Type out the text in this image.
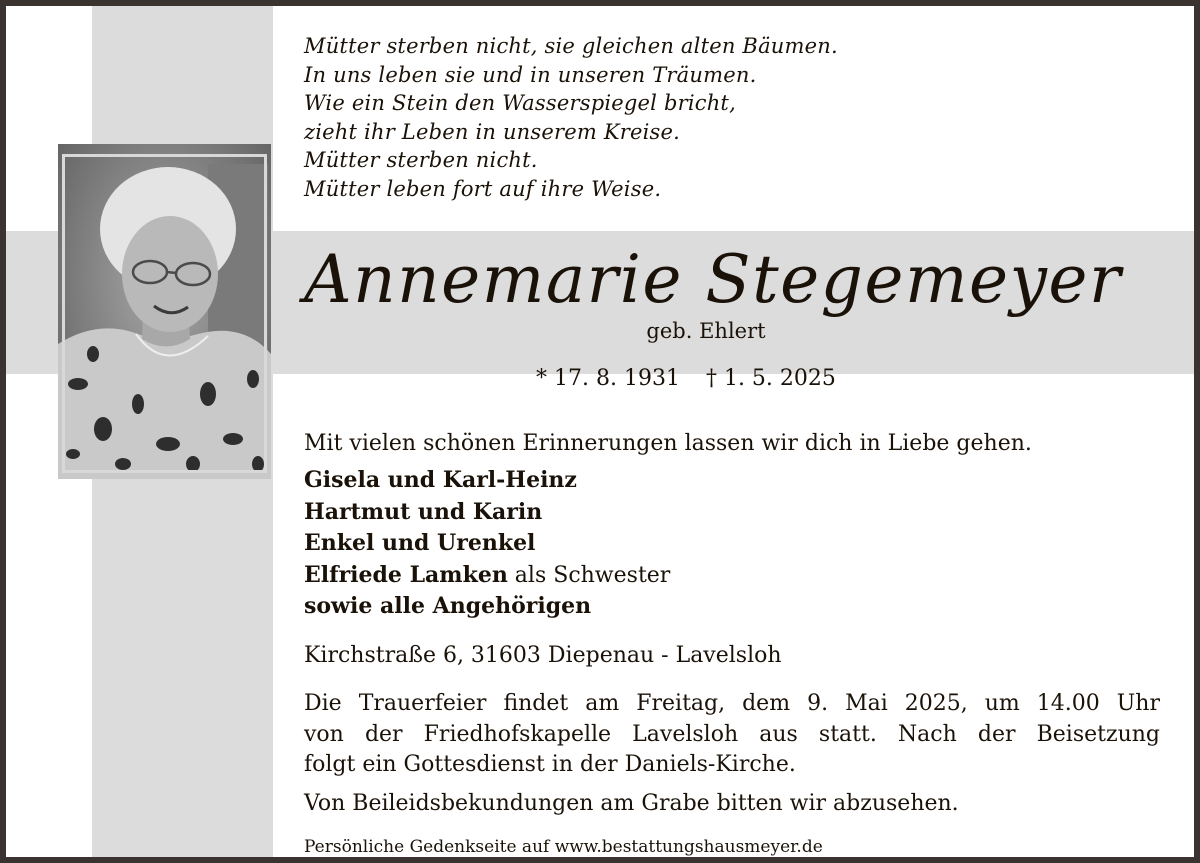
Mütter sterben nicht, sie gleichen alten Bäumen.
In uns leben sie und in unseren Träumen.
Wie ein Stein den Wasserspiegel bricht,
zieht ihr Leben in unserem Kreise.
Mütter sterben nicht.
Mütter leben fort auf ihre Weise.
Annemarie Stegemeyer
geb. Ehlert
* 17. 8. 1931 † 1. 5. 2025
Mit vielen schönen Erinnerungen lassen wir dich in Liebe gehen.
Gisela und Karl-Heinz
Hartmut und Karin
Enkel und Urenkel
Elfriede Lamken als Schwester
sowie alle Angehörigen
Kirchstraße 6, 31603 Diepenau - Lavelsloh
Die Trauerfeier findet am Freitag, dem 9. Mai 2025, um 14.00 Uhr
von der Friedhofskapelle Lavelsloh aus statt. Nach der Beisetzung
folgt ein Gottesdienst in der Daniels-Kirche.
Von Beileidsbekundungen am Grabe bitten wir abzusehen.
Persönliche Gedenkseite auf www.bestattungshausmeyer.de
